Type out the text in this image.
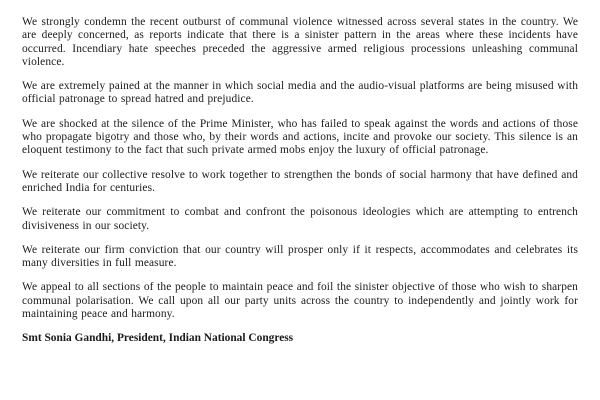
We strongly condemn the recent outburst of communal violence witnessed across several states in the country. We are deeply concerned, as reports indicate that there is a sinister pattern in the areas where these incidents have occurred. Incendiary hate speeches preceded the aggressive armed religious processions unleashing communal violence.

We are extremely pained at the manner in which social media and the audio-visual platforms are being misused with official patronage to spread hatred and prejudice.

We are shocked at the silence of the Prime Minister, who has failed to speak against the words and actions of those who propagate bigotry and those who, by their words and actions, incite and provoke our society. This silence is an eloquent testimony to the fact that such private armed mobs enjoy the luxury of official patronage.

We reiterate our collective resolve to work together to strengthen the bonds of social harmony that have defined and enriched India for centuries.

We reiterate our commitment to combat and confront the poisonous ideologies which are attempting to entrench divisiveness in our society.

We reiterate our firm conviction that our country will prosper only if it respects, accommodates and celebrates its many diversities in full measure.

We appeal to all sections of the people to maintain peace and foil the sinister objective of those who wish to sharpen communal polarisation. We call upon all our party units across the country to independently and jointly work for maintaining peace and harmony.

Smt Sonia Gandhi, President, Indian National Congress
